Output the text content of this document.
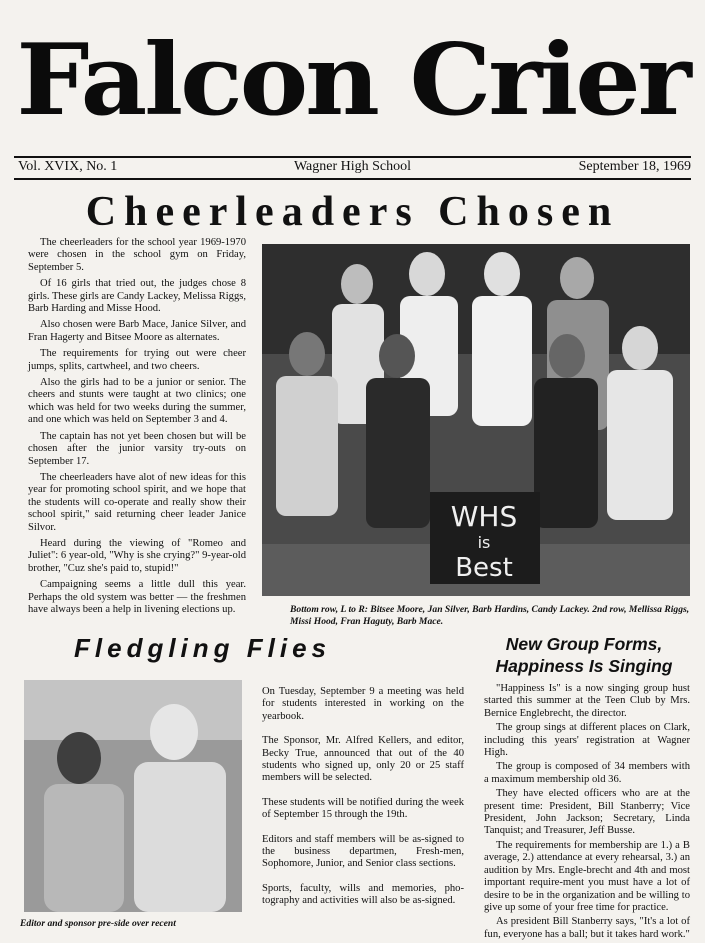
Falcon Crier
Vol. XVIX, No. 1	Wagner High School	September 18, 1969
Cheerleaders Chosen

The cheerleaders for the school year 1969-1970 were chosen in the school gym on Friday, September 5.

Of 16 girls that tried out, the judges chose 8 girls. These girls are Candy Lackey, Melissa Riggs, Barb Harding and Misse Hood.

Also chosen were Barb Mace, Janice Silver, and Fran Hagerty and Bitsee Moore as alternates.

The requirements for trying out were cheer jumps, splits, cartwheel, and two cheers.

Also the girls had to be a junior or senior. The cheers and stunts were taught at two clinics; one which was held for two weeks during the summer, and one which was held on September 3 and 4.

The captain has not yet been chosen but will be chosen after the junior varsity try-outs on September 17.

The cheerleaders have alot of new ideas for this year for promoting school spirit, and we hope that the students will co-operate and really show their school spirit," said returning cheer leader Janice Silvor.

Heard during the viewing of "Romeo and Juliet": 6 year-old, "Why is she crying?" 9-year-old brother, "Cuz she's paid to, stupid!"

Campaigning seems a little dull this year. Perhaps the old system was better — the freshmen have always been a help in livening elections up.

WHS
is
Best
Bottom row, L to R: Bitsee Moore, Jan Silver, Barb Hardins, Candy Lackey. 2nd row, Mellissa Riggs, Missi Hood, Fran Haguty, Barb Mace.
Fledgling Flies
Editor and sponsor pre-side over recent

On Tuesday, September 9 a meeting was held for students interested in working on the yearbook.

The Sponsor, Mr. Alfred Kellers, and editor, Becky True, announced that out of the 40 students who signed up, only 20 or 25 staff members will be selected.

These students will be notified during the week of September 15 through the 19th.

Editors and staff members will be as-signed to the business departmen, Fresh-men, Sophomore, Junior, and Senior class sections.

Sports, faculty, wills and memories, pho-tography and activities will also be as-signed.

New Group Forms,
Happiness Is Singing

"Happiness Is" is a now singing group hust started this summer at the Teen Club by Mrs. Bernice Englebrecht, the director.

The group sings at different places on Clark, including this years' registration at Wagner High.

The group is composed of 34 members with a maximum membership old 36.

They have elected officers who are at the present time: President, Bill Stanberry; Vice President, John Jackson; Secretary, Linda Tanquist; and Treasurer, Jeff Busse.

The requirements for membership are 1.) a B average, 2.) attendance at every rehearsal, 3.) an audition by Mrs. Engle-brecht and 4th and most important require-ment you must have a lot of desire to be in the organization and be willing to give up some of your free time for practice.

As president Bill Stanberry says, "It's a lot of fun, everyone has a ball; but it takes hard work."
